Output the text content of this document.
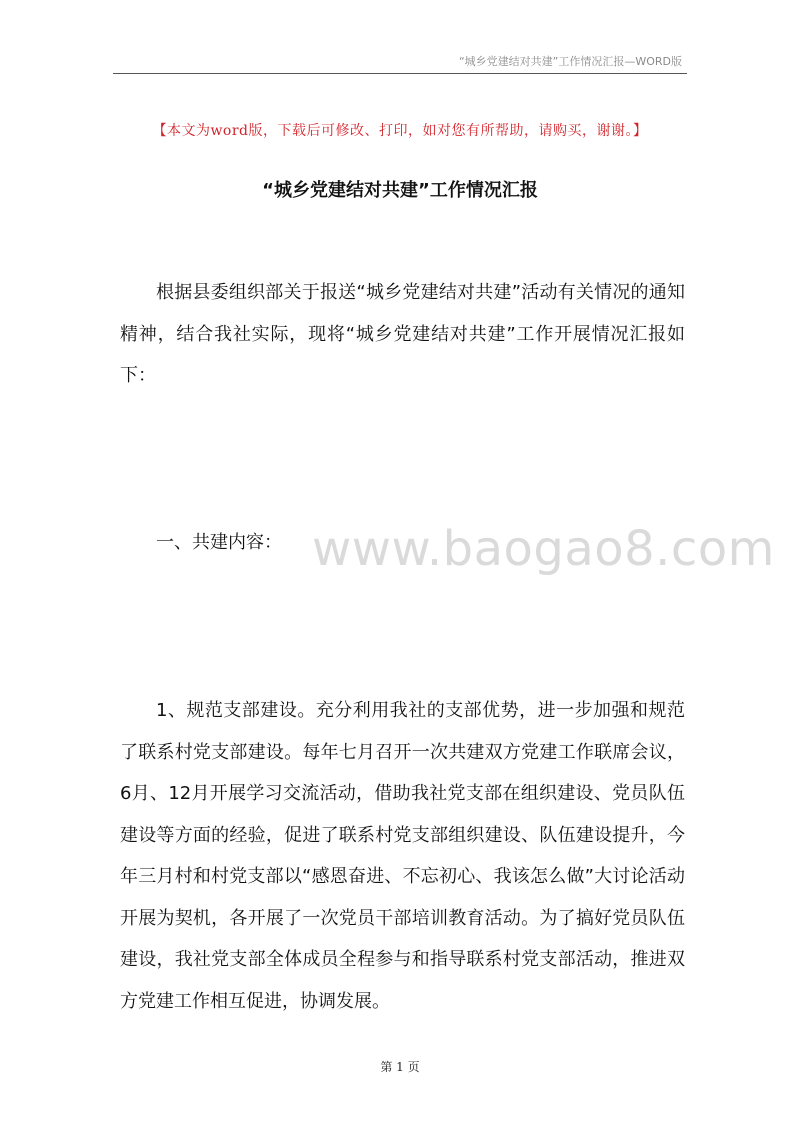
“城乡党建结对共建”工作情况汇报—WORD版
【本文为word版，下载后可修改、打印，如对您有所帮助，请购买，谢谢。】
“城乡党建结对共建”工作情况汇报

根据县委组织部关于报送“城乡党建结对共建”活动有关情况的通知精神，结合我社实际，现将“城乡党建结对共建”工作开展情况汇报如下：

www.baogao8.com

一、共建内容：

1、规范支部建设。充分利用我社的支部优势，进一步加强和规范了联系村党支部建设。每年七月召开一次共建双方党建工作联席会议，6月、12月开展学习交流活动，借助我社党支部在组织建设、党员队伍建设等方面的经验，促进了联系村党支部组织建设、队伍建设提升，今年三月村和村党支部以“感恩奋进、不忘初心、我该怎么做”大讨论活动开展为契机，各开展了一次党员干部培训教育活动。为了搞好党员队伍建设，我社党支部全体成员全程参与和指导联系村党支部活动，推进双方党建工作相互促进，协调发展。

第 1 页
